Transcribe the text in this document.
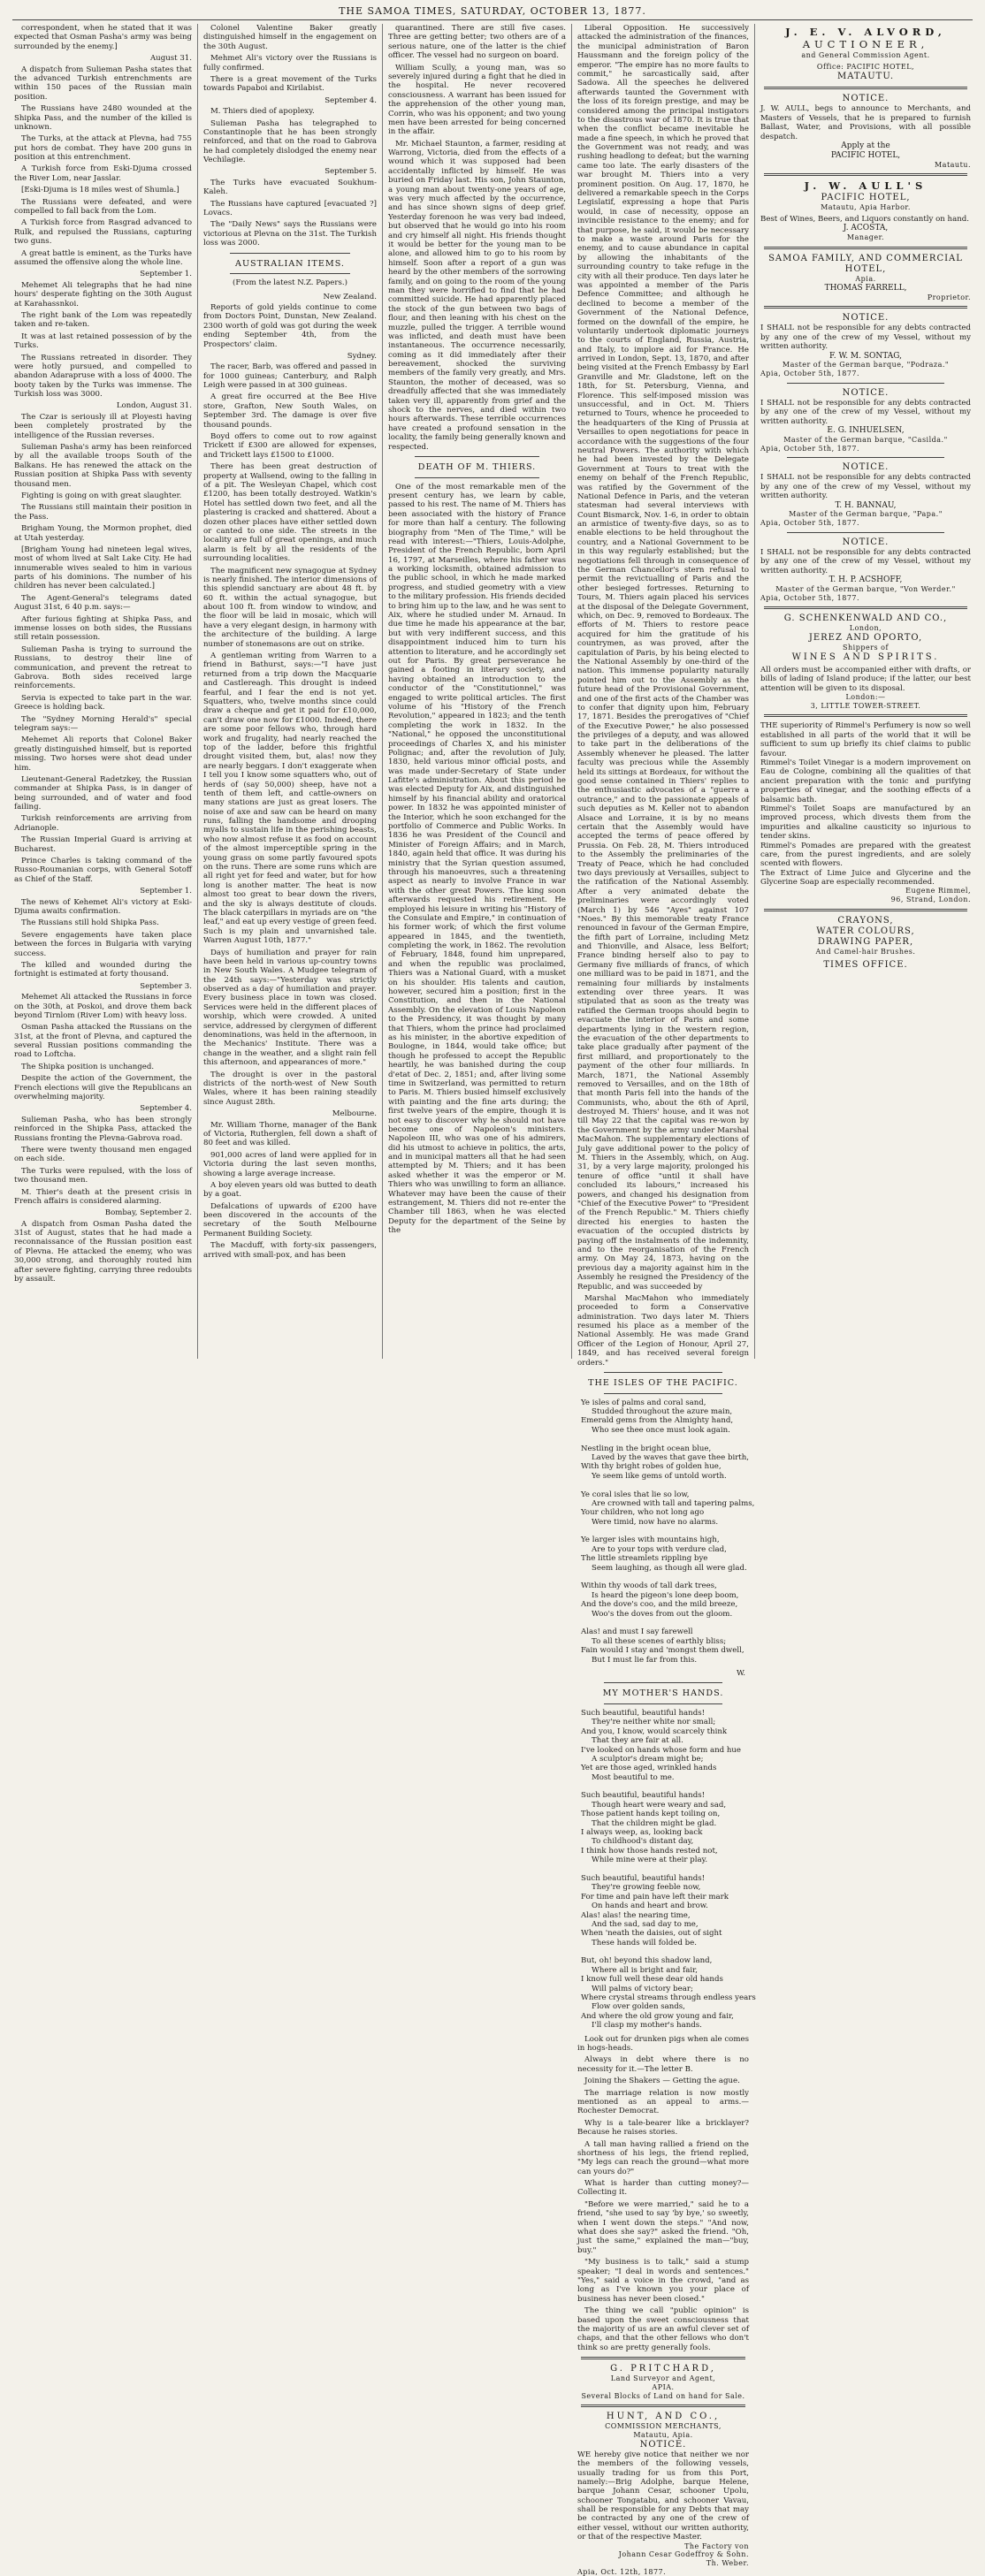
THE SAMOA TIMES, SATURDAY, OCTOBER 13, 1877.

correspondent, when he stated that it was expected that Osman Pasha's army was being surrounded by the enemy.]

August 31.

A dispatch from Sulieman Pasha states that the advanced Turkish entrenchments are within 150 paces of the Russian main position.

The Russians have 2480 wounded at the Shipka Pass, and the number of the killed is unknown.

The Turks, at the attack at Plevna, had 755 put hors de combat. They have 200 guns in position at this entrenchment.

A Turkish force from Eski-Djuma crossed the River Lom, near Jasslar.

[Eski-Djuma is 18 miles west of Shumla.]

The Russians were defeated, and were compelled to fall back from the Lom.

A Turkish force from Rasgrad advanced to Rulk, and repulsed the Russians, capturing two guns.

A great battle is eminent, as the Turks have assumed the offensive along the whole line.

September 1.

Mehemet Ali telegraphs that he had nine hours' desperate fighting on the 30th August at Karahassnkoi.

The right bank of the Lom was repeatedly taken and re-taken.

It was at last retained possession of by the Turks.

The Russians retreated in disorder. They were hotly pursued, and compelled to abandon Adarapruse with a loss of 4000. The booty taken by the Turks was immense. The Turkish loss was 3000.

London, August 31.

The Czar is seriously ill at Ployesti having been completely prostrated by the intelligence of the Russian reverses.

Sulieman Pasha's army has been reinforced by all the available troops South of the Balkans. He has renewed the attack on the Russian position at Shipka Pass with seventy thousand men.

Fighting is going on with great slaughter.

The Russians still maintain their position in the Pass.

Brigham Young, the Mormon prophet, died at Utah yesterday.

[Brigham Young had nineteen legal wives, most of whom lived at Salt Lake City. He had innumerable wives sealed to him in various parts of his dominions. The number of his children has never been calculated.]

The Agent-General's telegrams dated August 31st, 6 40 p.m. says:—

After furious fighting at Shipka Pass, and immense losses on both sides, the Russians still retain possession.

Sulieman Pasha is trying to surround the Russians, to destroy their line of communication, and prevent the retreat to Gabrova. Both sides received large reinforcements.

Servia is expected to take part in the war. Greece is holding back.

The "Sydney Morning Herald's" special telegram says:—

Mehemet Ali reports that Colonel Baker greatly distinguished himself, but is reported missing. Two horses were shot dead under him.

Lieutenant-General Radetzkey, the Russian commander at Shipka Pass, is in danger of being surrounded, and of water and food failing.

Turkish reinforcements are arriving from Adrianople.

The Russian Imperial Guard is arriving at Bucharest.

Prince Charles is taking command of the Russo-Roumanian corps, with General Sotoff as Chief of the Staff.

September 1.

The news of Kehemet Ali's victory at Eski-Djuma awaits confirmation.

The Russians still hold Shipka Pass.

Severe engagements have taken place between the forces in Bulgaria with varying success.

The killed and wounded during the fortnight is estimated at forty thousand.

September 3.

Mehemet Ali attacked the Russians in force on the 30th, at Poskoi, and drove them back beyond Tirnlom (River Lom) with heavy loss.

Osman Pasha attacked the Russians on the 31st, at the front of Plevna, and captured the several Russian positions commanding the road to Loftcha.

The Shipka position is unchanged.

Despite the action of the Government, the French elections will give the Republicans an overwhelming majority.

September 4.

Sulieman Pasha, who has been strongly reinforced in the Shipka Pass, attacked the Russians fronting the Plevna-Gabrova road.

There were twenty thousand men engaged on each side.

The Turks were repulsed, with the loss of two thousand men.

M. Thier's death at the present crisis in French affairs is considered alarming.

Bombay, September 2.

A dispatch from Osman Pasha dated the 31st of August, states that he had made a reconnaissance of the Russian position east of Plevna. He attacked the enemy, who was 30,000 strong, and thoroughly routed him after severe fighting, carrying three redoubts by assault.

Colonel Valentine Baker greatly distinguished himself in the engagement on the 30th August.

Mehmet Ali's victory over the Russians is fully confirmed.

There is a great movement of the Turks towards Papaboi and Kirilabist.

September 4.

M. Thiers died of apoplexy.

Sulieman Pasha has telegraphed to Constantinople that he has been strongly reinforced, and that on the road to Gabrova he had completely dislodged the enemy near Vechilagie.

September 5.

The Turks have evacuated Soukhum-Kaleh.

The Russians have captured [evacuated ?] Lovacs.

The "Daily News" says the Russians were victorious at Plevna on the 31st. The Turkish loss was 2000.

AUSTRALIAN ITEMS.
(From the latest N.Z. Papers.)
New Zealand.

Reports of gold yields continue to come from Doctors Point, Dunstan, New Zealand. 2300 worth of gold was got during the week ending September 4th, from the Prospectors' claim.

Sydney.

The racer, Barb, was offered and passed in for 1000 guineas; Canterbury, and Ralph Leigh were passed in at 300 guineas.

A great fire occurred at the Bee Hive store, Grafton, New South Wales, on September 3rd. The damage is over five thousand pounds.

Boyd offers to come out to row against Trickett if £300 are allowed for expenses, and Trickett lays £1500 to £1000.

There has been great destruction of property at Wallsend, owing to the falling in of a pit. The Wesleyan Chapel, which cost £1200, has been totally destroyed. Watkin's Hotel has settled down two feet, and all the plastering is cracked and shattered. About a dozen other places have either settled down or canted to one side. The streets in the locality are full of great openings, and much alarm is felt by all the residents of the surrounding localities.

The magnificent new synagogue at Sydney is nearly finished. The interior dimensions of this splendid sanctuary are about 48 ft. by 60 ft. within the actual synagogue, but about 100 ft. from window to window, and the floor will be laid in mosaic, which will have a very elegant design, in harmony with the architecture of the building. A large number of stonemasons are out on strike.

A gentleman writing from Warren to a friend in Bathurst, says:—"I have just returned from a trip down the Macquarie and Castlereagh. This drought is indeed fearful, and I fear the end is not yet. Squatters, who, twelve months since could draw a cheque and get it paid for £10,000, can't draw one now for £1000. Indeed, there are some poor fellows who, through hard work and frugality, had nearly reached the top of the ladder, before this frightful drought visited them, but, alas! now they are nearly beggars. I don't exaggerate when I tell you I know some squatters who, out of herds of (say 50,000) sheep, have not a tenth of them left, and cattle-owners on many stations are just as great losers. The noise of axe and saw can be heard on many runs, falling the handsome and drooping myalls to sustain life in the perishing beasts, who now almost refuse it as food on account of the almost imperceptible spring in the young grass on some partly favoured spots on the runs. There are some runs which are all right yet for feed and water, but for how long is another matter. The heat is now almost too great to bear down the rivers, and the sky is always destitute of clouds. The black caterpillars in myriads are on "the leaf," and eat up every vestige of green feed. Such is my plain and unvarnished tale. Warren August 10th, 1877."

Days of humiliation and prayer for rain have been held in various up-country towns in New South Wales. A Mudgee telegram of the 24th says:—"Yesterday was strictly observed as a day of humiliation and prayer. Every business place in town was closed. Services were held in the different places of worship, which were crowded. A united service, addressed by clergymen of different denominations, was held in the afternoon, in the Mechanics' Institute. There was a change in the weather, and a slight rain fell this afternoon, and appearances of more."

The drought is over in the pastoral districts of the north-west of New South Wales, where it has been raining steadily since August 28th.

Melbourne.

Mr. William Thorne, manager of the Bank of Victoria, Rutherglen, fell down a shaft of 80 feet and was killed.

901,000 acres of land were applied for in Victoria during the last seven months, showing a large average increase.

A boy eleven years old was butted to death by a goat.

Defalcations of upwards of £200 have been discovered in the accounts of the secretary of the South Melbourne Permanent Building Society.

The Macduff, with forty-six passengers, arrived with small-pox, and has been

quarantined. There are still five cases. Three are getting better; two others are of a serious nature, one of the latter is the chief officer. The vessel had no surgeon on board.

William Scully, a young man, was so severely injured during a fight that he died in the hospital. He never recovered consciousness. A warrant has been issued for the apprehension of the other young man, Corrin, who was his opponent; and two young men have been arrested for being concerned in the affair.

Mr. Michael Staunton, a farmer, residing at Warrong, Victoria, died from the effects of a wound which it was supposed had been accidentally inflicted by himself. He was buried on Friday last. His son, John Staunton, a young man about twenty-one years of age, was very much affected by the occurrence, and has since shown signs of deep grief. Yesterday forenoon he was very bad indeed, but observed that he would go into his room and cry himself all night. His friends thought it would be better for the young man to be alone, and allowed him to go to his room by himself. Soon after a report of a gun was heard by the other members of the sorrowing family, and on going to the room of the young man they were horrified to find that he had committed suicide. He had apparently placed the stock of the gun between two bags of flour, and then leaning with his chest on the muzzle, pulled the trigger. A terrible wound was inflicted, and death must have been instantaneous. The occurrence necessarily, coming as it did immediately after their bereavement, shocked the surviving members of the family very greatly, and Mrs. Staunton, the mother of deceased, was so dreadfully affected that she was immediately taken very ill, apparently from grief and the shock to the nerves, and died within two hours afterwards. These terrible occurrences have created a profound sensation in the locality, the family being generally known and respected.

DEATH OF M. THIERS.

One of the most remarkable men of the present century has, we learn by cable, passed to his rest. The name of M. Thiers has been associated with the history of France for more than half a century. The following biography from "Men of The Time," will be read with interest:—"Thiers, Louis-Adolphe, President of the French Republic, born April 16, 1797, at Marseilles, where his father was a working locksmith, obtained admission to the public school, in which he made marked progress, and studied geometry with a view to the military profession. His friends decided to bring him up to the law, and he was sent to Aix, where he studied under M. Arnaud. In due time he made his appearance at the bar, but with very indifferent success, and this disappointment induced him to turn his attention to literature, and he accordingly set out for Paris. By great perseverance he gained a footing in literary society, and having obtained an introduction to the conductor of the "Constitutionnel," was engaged to write political articles. The first volume of his "History of the French Revolution," appeared in 1823; and the tenth completing the work in 1832. In the "National," he opposed the unconstitutional proceedings of Charles X, and his minister Polignac; and, after the revolution of July, 1830, held various minor official posts, and was made under-Secretary of State under Lafitte's administration. About this period he was elected Deputy for Aix, and distinguished himself by his financial ability and oratorical power. In 1832 he was appointed minister of the Interior, which he soon exchanged for the portfolio of Commerce and Public Works. In 1836 he was President of the Council and Minister of Foreign Affairs; and in March, 1840, again held that office. It was during his ministry that the Syrian question assumed, through his manoeuvres, such a threatening aspect as nearly to involve France in war with the other great Powers. The king soon afterwards requested his retirement. He employed his leisure in writing his "History of the Consulate and Empire," in continuation of his former work; of which the first volume appeared in 1845, and the twentieth, completing the work, in 1862. The revolution of February, 1848, found him unprepared, and when the republic was proclaimed, Thiers was a National Guard, with a musket on his shoulder. His talents and caution, however, secured him a position; first in the Constitution, and then in the National Assembly. On the elevation of Louis Napoleon to the Presidency, it was thought by many that Thiers, whom the prince had proclaimed as his minister, in the abortive expedition of Boulogne, in 1844, would take office; but though he professed to accept the Republic heartily, he was banished during the coup d'etat of Dec. 2, 1851; and, after living some time in Switzerland, was permitted to return to Paris. M. Thiers busied himself exclusively with painting and the fine arts during; the first twelve years of the empire, though it is not easy to discover why he should not have become one of Napoleon's ministers. Napoleon III, who was one of his admirers, did his utmost to achieve in politics, the arts, and in municipal matters all that he had seen attempted by M. Thiers; and it has been asked whether it was the emperor or M. Thiers who was unwilling to form an alliance. Whatever may have been the cause of their estrangement, M. Thiers did not re-enter the Chamber till 1863, when he was elected Deputy for the department of the Seine by the

Liberal Opposition. He successively attacked the administration of the finances, the municipal administration of Baron Haussmann and the foreign policy of the emperor. "The empire has no more faults to commit," he sarcastically said, after Sadowa. All the speeches he delivered afterwards taunted the Government with the loss of its foreign prestige, and may be considered among the principal instigators to the disastrous war of 1870. It is true that when the conflict became inevitable he made a fine speech, in which he proved that the Government was not ready, and was rushing headlong to defeat; but the warning came too late. The early disasters of the war brought M. Thiers into a very prominent position. On Aug. 17, 1870, he delivered a remarkable speech in the Corps Legislatif, expressing a hope that Paris would, in case of necessity, oppose an invincible resistance to the enemy; and for that purpose, he said, it would be necessary to make a waste around Paris for the enemy, and to cause abundance in capital by allowing the inhabitants of the surrounding country to take refuge in the city with all their produce. Ten days later he was appointed a member of the Paris Defence Committee; and although he declined to become a member of the Government of the National Defence, formed on the downfall of the empire, he voluntarily undertook diplomatic journeys to the courts of England, Russia, Austria, and Italy, to implore aid for France. He arrived in London, Sept. 13, 1870, and after being visited at the French Embassy by Earl Granville and Mr. Gladstone, left on the 18th, for St. Petersburg, Vienna, and Florence. This self-imposed mission was unsuccessful, and in Oct. M. Thiers returned to Tours, whence he proceeded to the headquarters of the King of Prussia at Versailles to open negotiations for peace in accordance with the suggestions of the four neutral Powers. The authority with which he had been invested by the Delegate Government at Tours to treat with the enemy on behalf of the French Republic, was ratified by the Government of the National Defence in Paris, and the veteran statesman had several interviews with Count Bismarck, Nov. 1-6, in order to obtain an armistice of twenty-five days, so as to enable elections to be held throughout the country, and a National Government to be in this way regularly established; but the negotiations fell through in consequence of the German Chancellor's stern refusal to permit the revictualling of Paris and the other besieged fortresses. Returning to Tours, M. Thiers again placed his services at the disposal of the Delegate Government, which, on Dec. 9, removed to Bordeaux. The efforts of M. Thiers to restore peace acquired for him the gratitude of his countrymen, as was proved, after the capitulation of Paris, by his being elected to the National Assembly by one-third of the nation. This immense popularity naturally pointed him out to the Assembly as the future head of the Provisional Government, and one of the first acts of the Chamber was to confer that dignity upon him, February 17, 1871. Besides the prerogatives of "Chief of the Executive Power," he also possessed the privileges of a deputy, and was allowed to take part in the deliberations of the Assembly whenever he pleased. The latter faculty was precious while the Assembly held its sittings at Bordeaux, for without the good sense contained in Thiers' replies to the enthusiastic advocates of a "guerre a outrance," and to the passionate appeals of such deputies as M. Keller not to abandon Alsace and Lorraine, it is by no means certain that the Assembly would have accepted the terms of peace offered by Prussia. On Feb. 28, M. Thiers introduced to the Assembly the preliminaries of the Treaty of Peace, which he had concluded two days previously at Versailles, subject to the ratification of the National Assembly. After a very animated debate the preliminaries were accordingly voted (March 1) by 546 "Ayes" against 107 "Noes." By this memorable treaty France renounced in favour of the German Empire, the fifth part of Lorraine, including Metz and Thionville, and Alsace, less Belfort; France binding herself also to pay to Germany five milliards of francs, of which one milliard was to be paid in 1871, and the remaining four milliards by instalments extending over three years. It was stipulated that as soon as the treaty was ratified the German troops should begin to evacuate the interior of Paris and some departments lying in the western region, the evacuation of the other departments to take place gradually after payment of the first milliard, and proportionately to the payment of the other four milliards. In March, 1871, the National Assembly removed to Versailles, and on the 18th of that month Paris fell into the hands of the Communists, who, about the 6th of April, destroyed M. Thiers' house, and it was not till May 22 that the capital was re-won by the Government by the army under Marshal MacMahon. The supplementary elections of July gave additional power to the policy of M. Thiers in the Assembly, which, on Aug. 31, by a very large majority, prolonged his tenure of office "until it shall have concluded its labours," increased his powers, and changed his designation from "Chief of the Executive Power" to "President of the French Republic." M. Thiers chiefly directed his energies to hasten the evacuation of the occupied districts by paying off the instalments of the indemnity, and to the reorganisation of the French army. On May 24, 1873, having on the previous day a majority against him in the Assembly he resigned the Presidency of the Republic, and was succeeded by

Marshal MacMahon who immediately proceeded to form a Conservative administration. Two days later M. Thiers resumed his place as a member of the National Assembly. He was made Grand Officer of the Legion of Honour, April 27, 1849, and has received several foreign orders."

THE ISLES OF THE PACIFIC.
Ye isles of palms and coral sand,
Studded throughout the azure main,
Emerald gems from the Almighty hand,
Who see thee once must look again.

Nestling in the bright ocean blue,
Laved by the waves that gave thee birth,
With thy bright robes of golden hue,
Ye seem like gems of untold worth.

Ye coral isles that lie so low,
Are crowned with tall and tapering palms,
Your children, who not long ago
Were timid, now have no alarms.

Ye larger isles with mountains high,
Are to your tops with verdure clad,
The little streamlets rippling bye
Seem laughing, as though all were glad.

Within thy woods of tall dark trees,
Is heard the pigeon's lone deep boom,
And the dove's coo, and the mild breeze,
Woo's the doves from out the gloom.

Alas! and must I say farewell
To all these scenes of earthly bliss;
Fain would I stay and 'mongst them dwell,
But I must lie far from this.
W.
MY MOTHER'S HANDS.
Such beautiful, beautiful hands!
They're neither white nor small;
And you, I know, would scarcely think
That they are fair at all.
I've looked on hands whose form and hue
A sculptor's dream might be;
Yet are those aged, wrinkled hands
Most beautiful to me.

Such beautiful, beautiful hands!
Though heart were weary and sad,
Those patient hands kept toiling on,
That the children might be glad.
I always weep, as, looking back
To childhood's distant day,
I think how those hands rested not,
While mine were at their play.

Such beautiful, beautiful hands!
They're growing feeble now,
For time and pain have left their mark
On hands and heart and brow.
Alas! alas! the nearing time,
And the sad, sad day to me,
When 'neath the daisies, out of sight
These hands will folded be.

But, oh! beyond this shadow land,
Where all is bright and fair,
I know full well these dear old hands
Will palms of victory bear;
Where crystal streams through endless years
Flow over golden sands,
And where the old grow young and fair,
I'll clasp my mother's hands.

Look out for drunken pigs when ale comes in hogs-heads.

Always in debt where there is no necessity for it.—The letter B.

Joining the Shakers — Getting the ague.

The marriage relation is now mostly mentioned as an appeal to arms.—Rochester Democrat.

Why is a tale-bearer like a bricklayer? Because he raises stories.

A tall man having rallied a friend on the shortness of his legs, the friend replied, "My legs can reach the ground—what more can yours do?"

What is harder than cutting money?—Collecting it.

"Before we were married," said he to a friend, "she used to say 'by bye,' so sweetly, when I went down the steps." "And now, what does she say?" asked the friend. "Oh, just the same," explained the man—"buy, buy."

"My business is to talk," said a stump speaker; "I deal in words and sentences." "Yes," said a voice in the crowd, "and as long as I've known you your place of business has never been closed."

The thing we call "public opinion" is based upon the sweet consciousness that the majority of us are an awful clever set of chaps, and that the other fellows who don't think so are pretty generally fools.

G. PRITCHARD,
Land Surveyor and Agent,
APIA.
Several Blocks of Land on hand for Sale.
HUNT, AND CO.,
COMMISSION MERCHANTS,
Matautu, Apia.
NOTICE.
WE hereby give notice that neither we nor the members of the following vessels, usually trading for us from this Port, namely:—Brig Adolphe, barque Helene, barque Johann Cesar, schooner Upolu, schooner Tongatabu, and schooner Vavau, shall be responsible for any Debts that may be contracted by any one of the crew of either vessel, without our written authority, or that of the respective Master.
The Factory von
Johann Cesar Godeffroy & Sohn.
Th. Weber.
Apia, Oct. 12th, 1877.
J. E. V. ALVORD,
AUCTIONEER,
and General Commission Agent.
Office: PACIFIC HOTEL,
MATAUTU.
NOTICE.
J. W. AULL, begs to announce to Merchants, and Masters of Vessels, that he is prepared to furnish Ballast, Water, and Provisions, with all possible despatch.
Apply at the
PACIFIC HOTEL,
Matautu.
J. W. AULL'S
PACIFIC HOTEL,
Matautu, Apia Harbor.
Best of Wines, Beers, and Liquors constantly on hand.
J. ACOSTA,
Manager.
SAMOA FAMILY, AND COMMERCIAL HOTEL,
Apia.
THOMAS FARRELL,
Proprietor.
NOTICE.
I SHALL not be responsible for any debts contracted by any one of the crew of my Vessel, without my written authority.
F. W. M. SONTAG,
Master of the German barque, "Podraza."
Apia, October 5th, 1877.
NOTICE.
I SHALL not be responsible for any debts contracted by any one of the crew of my Vessel, without my written authority.
E. G. INHUELSEN,
Master of the German barque, "Casilda."
Apia, October 5th, 1877.
NOTICE.
I SHALL not be responsible for any debts contracted by any one of the crew of my Vessel, without my written authority.
T. H. BANNAU,
Master of the German barque, "Papa."
Apia, October 5th, 1877.
NOTICE.
I SHALL not be responsible for any debts contracted by any one of the crew of my Vessel, without my written authority.
T. H. P. ACSHOFF,
Master of the German barque, "Von Werder."
Apia, October 5th, 1877.
G. SCHENKENWALD AND CO.,
London,
JEREZ AND OPORTO,
Shippers of
WINES AND SPIRITS.
All orders must be accompanied either with drafts, or bills of lading of Island produce; if the latter, our best attention will be given to its disposal.
London:—
3, LITTLE TOWER-STREET.
THE superiority of Rimmel's Perfumery is now so well established in all parts of the world that it will be sufficient to sum up briefly its chief claims to public favour.
Rimmel's Toilet Vinegar is a modern improvement on Eau de Cologne, combining all the qualities of that ancient preparation with the tonic and purifying properties of vinegar, and the soothing effects of a balsamic bath.
Rimmel's Toilet Soaps are manufactured by an improved process, which divests them from the impurities and alkaline causticity so injurious to tender skins.
Rimmel's Pomades are prepared with the greatest care, from the purest ingredients, and are solely scented with flowers.
The Extract of Lime Juice and Glycerine and the Glycerine Soap are especially recommended.
Eugene Rimmel,
96, Strand, London.
CRAYONS,
WATER COLOURS,
DRAWING PAPER,
And Camel-hair Brushes.
TIMES OFFICE.
